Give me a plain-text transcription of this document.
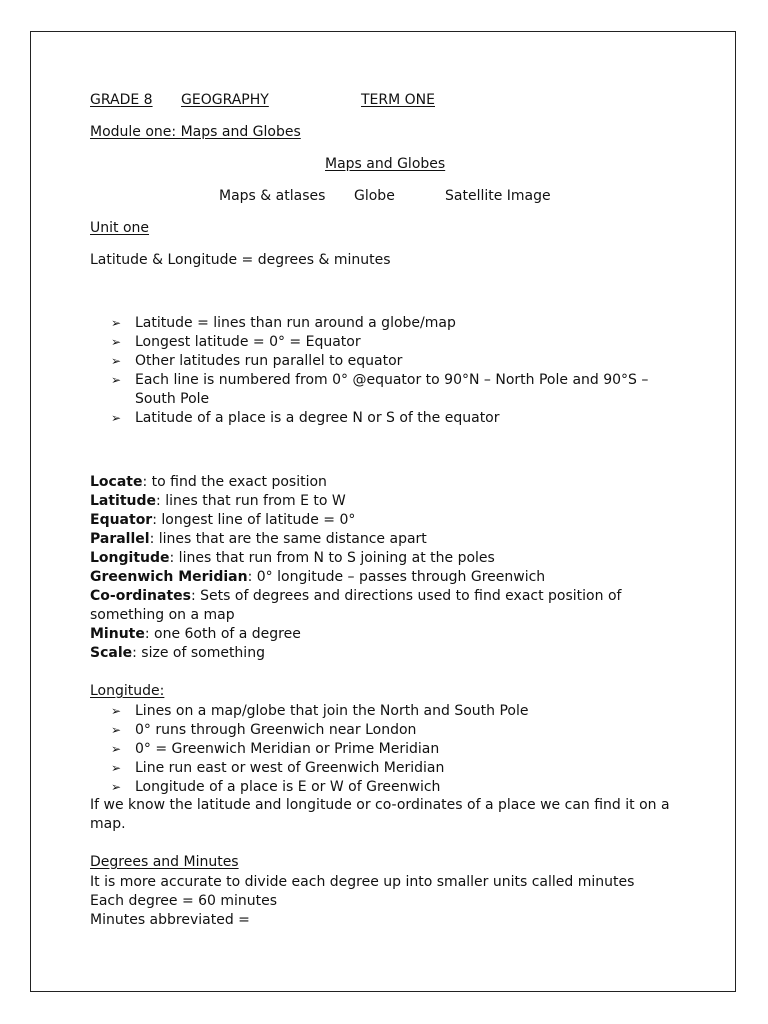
GRADE 8 GEOGRAPHY	TERM ONE
Module one: Maps and Globes
Maps and Globes
Maps & atlases Globe	Satellite Image
Unit one
Latitude & Longitude = degrees & minutes
➢ Latitude = lines than run around a globe/map
➢ Longest latitude = 0° = Equator
➢ Other latitudes run parallel to equator
➢ Each line is numbered from 0° @equator to 90°N – North Pole and 90°S – South Pole
➢ Latitude of a place is a degree N or S of the equator
Locate: to find the exact position
Latitude: lines that run from E to W
Equator: longest line of latitude = 0°
Parallel: lines that are the same distance apart
Longitude: lines that run from N to S joining at the poles
Greenwich Meridian: 0° longitude – passes through Greenwich
Co-ordinates: Sets of degrees and directions used to find exact position of something on a map
Minute: one 6oth of a degree
Scale: size of something
Longitude:
➢ Lines on a map/globe that join the North and South Pole
➢ 0° runs through Greenwich near London
➢ 0° = Greenwich Meridian or Prime Meridian
➢ Line run east or west of Greenwich Meridian
➢ Longitude of a place is E or W of Greenwich
If we know the latitude and longitude or co-ordinates of a place we can find it on a map.
Degrees and Minutes
It is more accurate to divide each degree up into smaller units called minutes
Each degree = 60 minutes
Minutes abbreviated =
